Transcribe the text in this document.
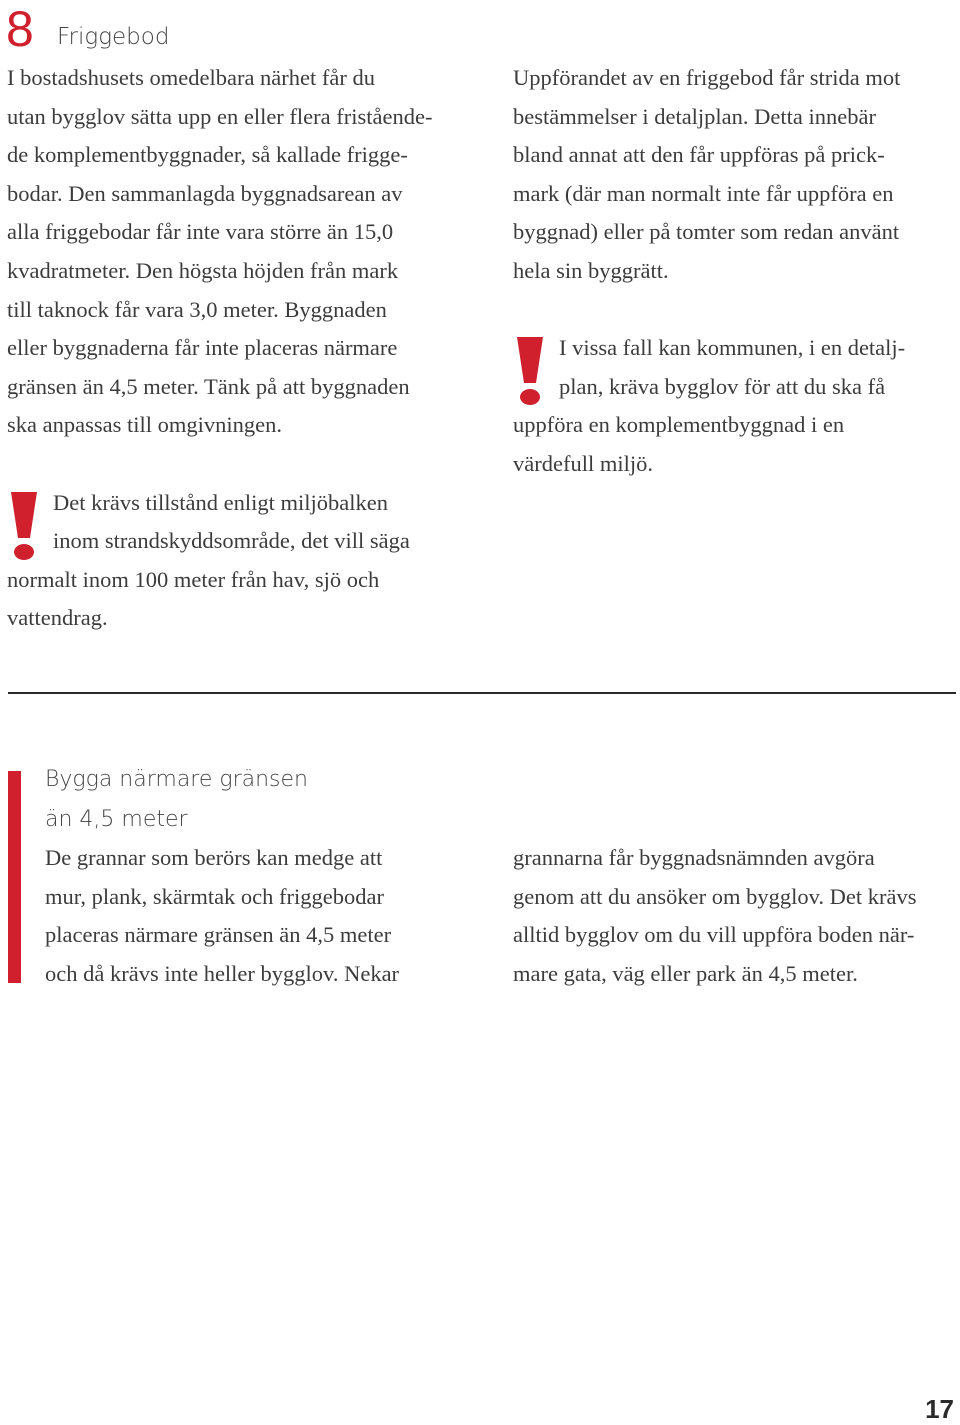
8 Friggebod

I bostadshusets omedelbara närhet får du
utan bygglov sätta upp en eller flera fristående-
de komplementbyggnader, så kallade frigge-
bodar. Den sammanlagda byggnadsarean av
alla friggebodar får inte vara större än 15,0
kvadratmeter. Den högsta höjden från mark
till taknock får vara 3,0 meter. Byggnaden
eller byggnaderna får inte placeras närmare
gränsen än 4,5 meter. Tänk på att byggnaden
ska anpassas till omgivningen.

Det krävs tillstånd enligt miljöbalken
inom strandskyddsområde, det vill säga
normalt inom 100 meter från hav, sjö och
vattendrag.

Uppförandet av en friggebod får strida mot
bestämmelser i detaljplan. Detta innebär
bland annat att den får uppföras på prick-
mark (där man normalt inte får uppföra en
byggnad) eller på tomter som redan använt
hela sin byggrätt.

I vissa fall kan kommunen, i en detalj-
plan, kräva bygglov för att du ska få
uppföra en komplementbyggnad i en
värdefull miljö.
Bygga närmare gränsen
än 4,5 meter

De grannar som berörs kan medge att
mur, plank, skärmtak och friggebodar
placeras närmare gränsen än 4,5 meter
och då krävs inte heller bygglov. Nekar

grannarna får byggnadsnämnden avgöra
genom att du ansöker om bygglov. Det krävs
alltid bygglov om du vill uppföra boden när-
mare gata, väg eller park än 4,5 meter.

17
